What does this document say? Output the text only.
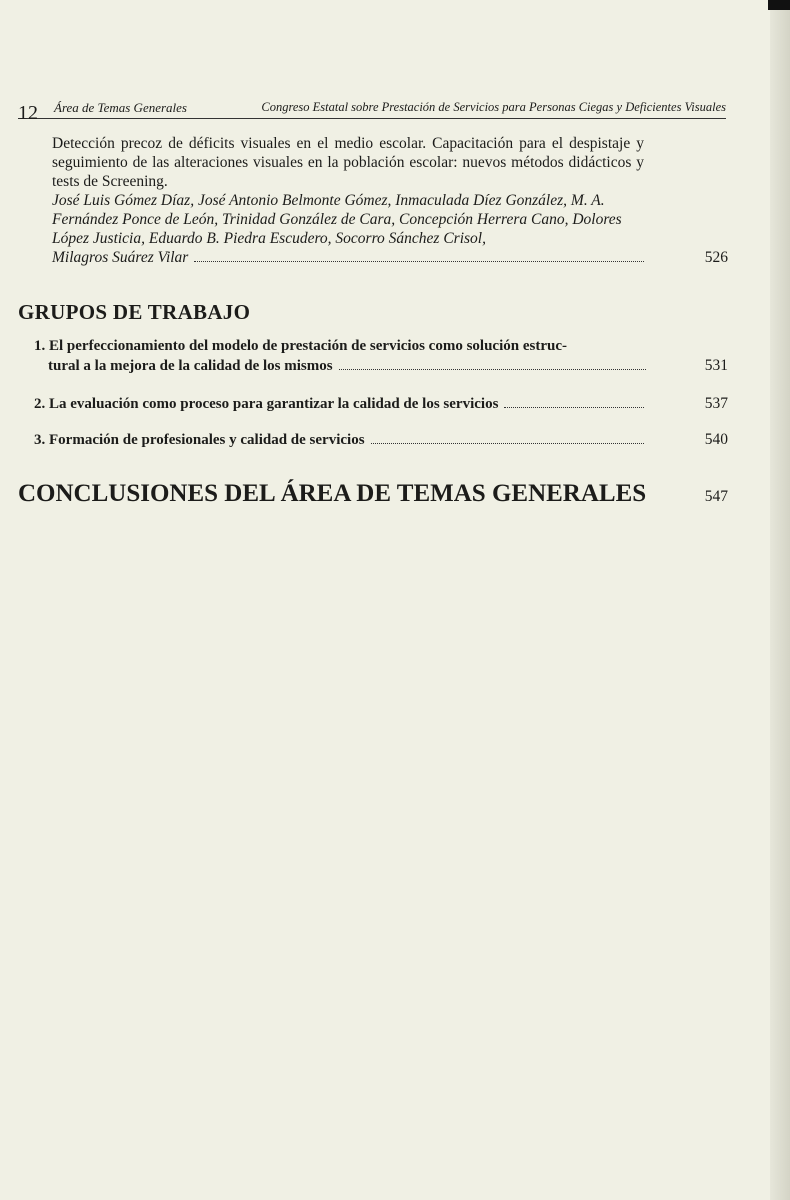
12 Área de Temas Generales	Congreso Estatal sobre Prestación de Servicios para Personas Ciegas y Deficientes Visuales
Detección precoz de déficits visuales en el medio escolar. Capacitación para el despistaje y seguimiento de las alteraciones visuales en la población escolar: nuevos métodos didácticos y tests de Screening.
José Luis Gómez Díaz, José Antonio Belmonte Gómez, Inmaculada Díez González, M. A. Fernández Ponce de León, Trinidad González de Cara, Concepción Herrera Cano, Dolores López Justicia, Eduardo B. Piedra Escudero, Socorro Sánchez Crisol,
Milagros Suárez Vilar	526
GRUPOS DE TRABAJO
1. El perfeccionamiento del modelo de prestación de servicios como solución estruc-
tural a la mejora de la calidad de los mismos	531
2.
La evaluación como proceso para garantizar la calidad de los servicios	537
3.
Formación de profesionales y calidad de servicios	540
CONCLUSIONES DEL ÁREA DE TEMAS GENERALES	547
